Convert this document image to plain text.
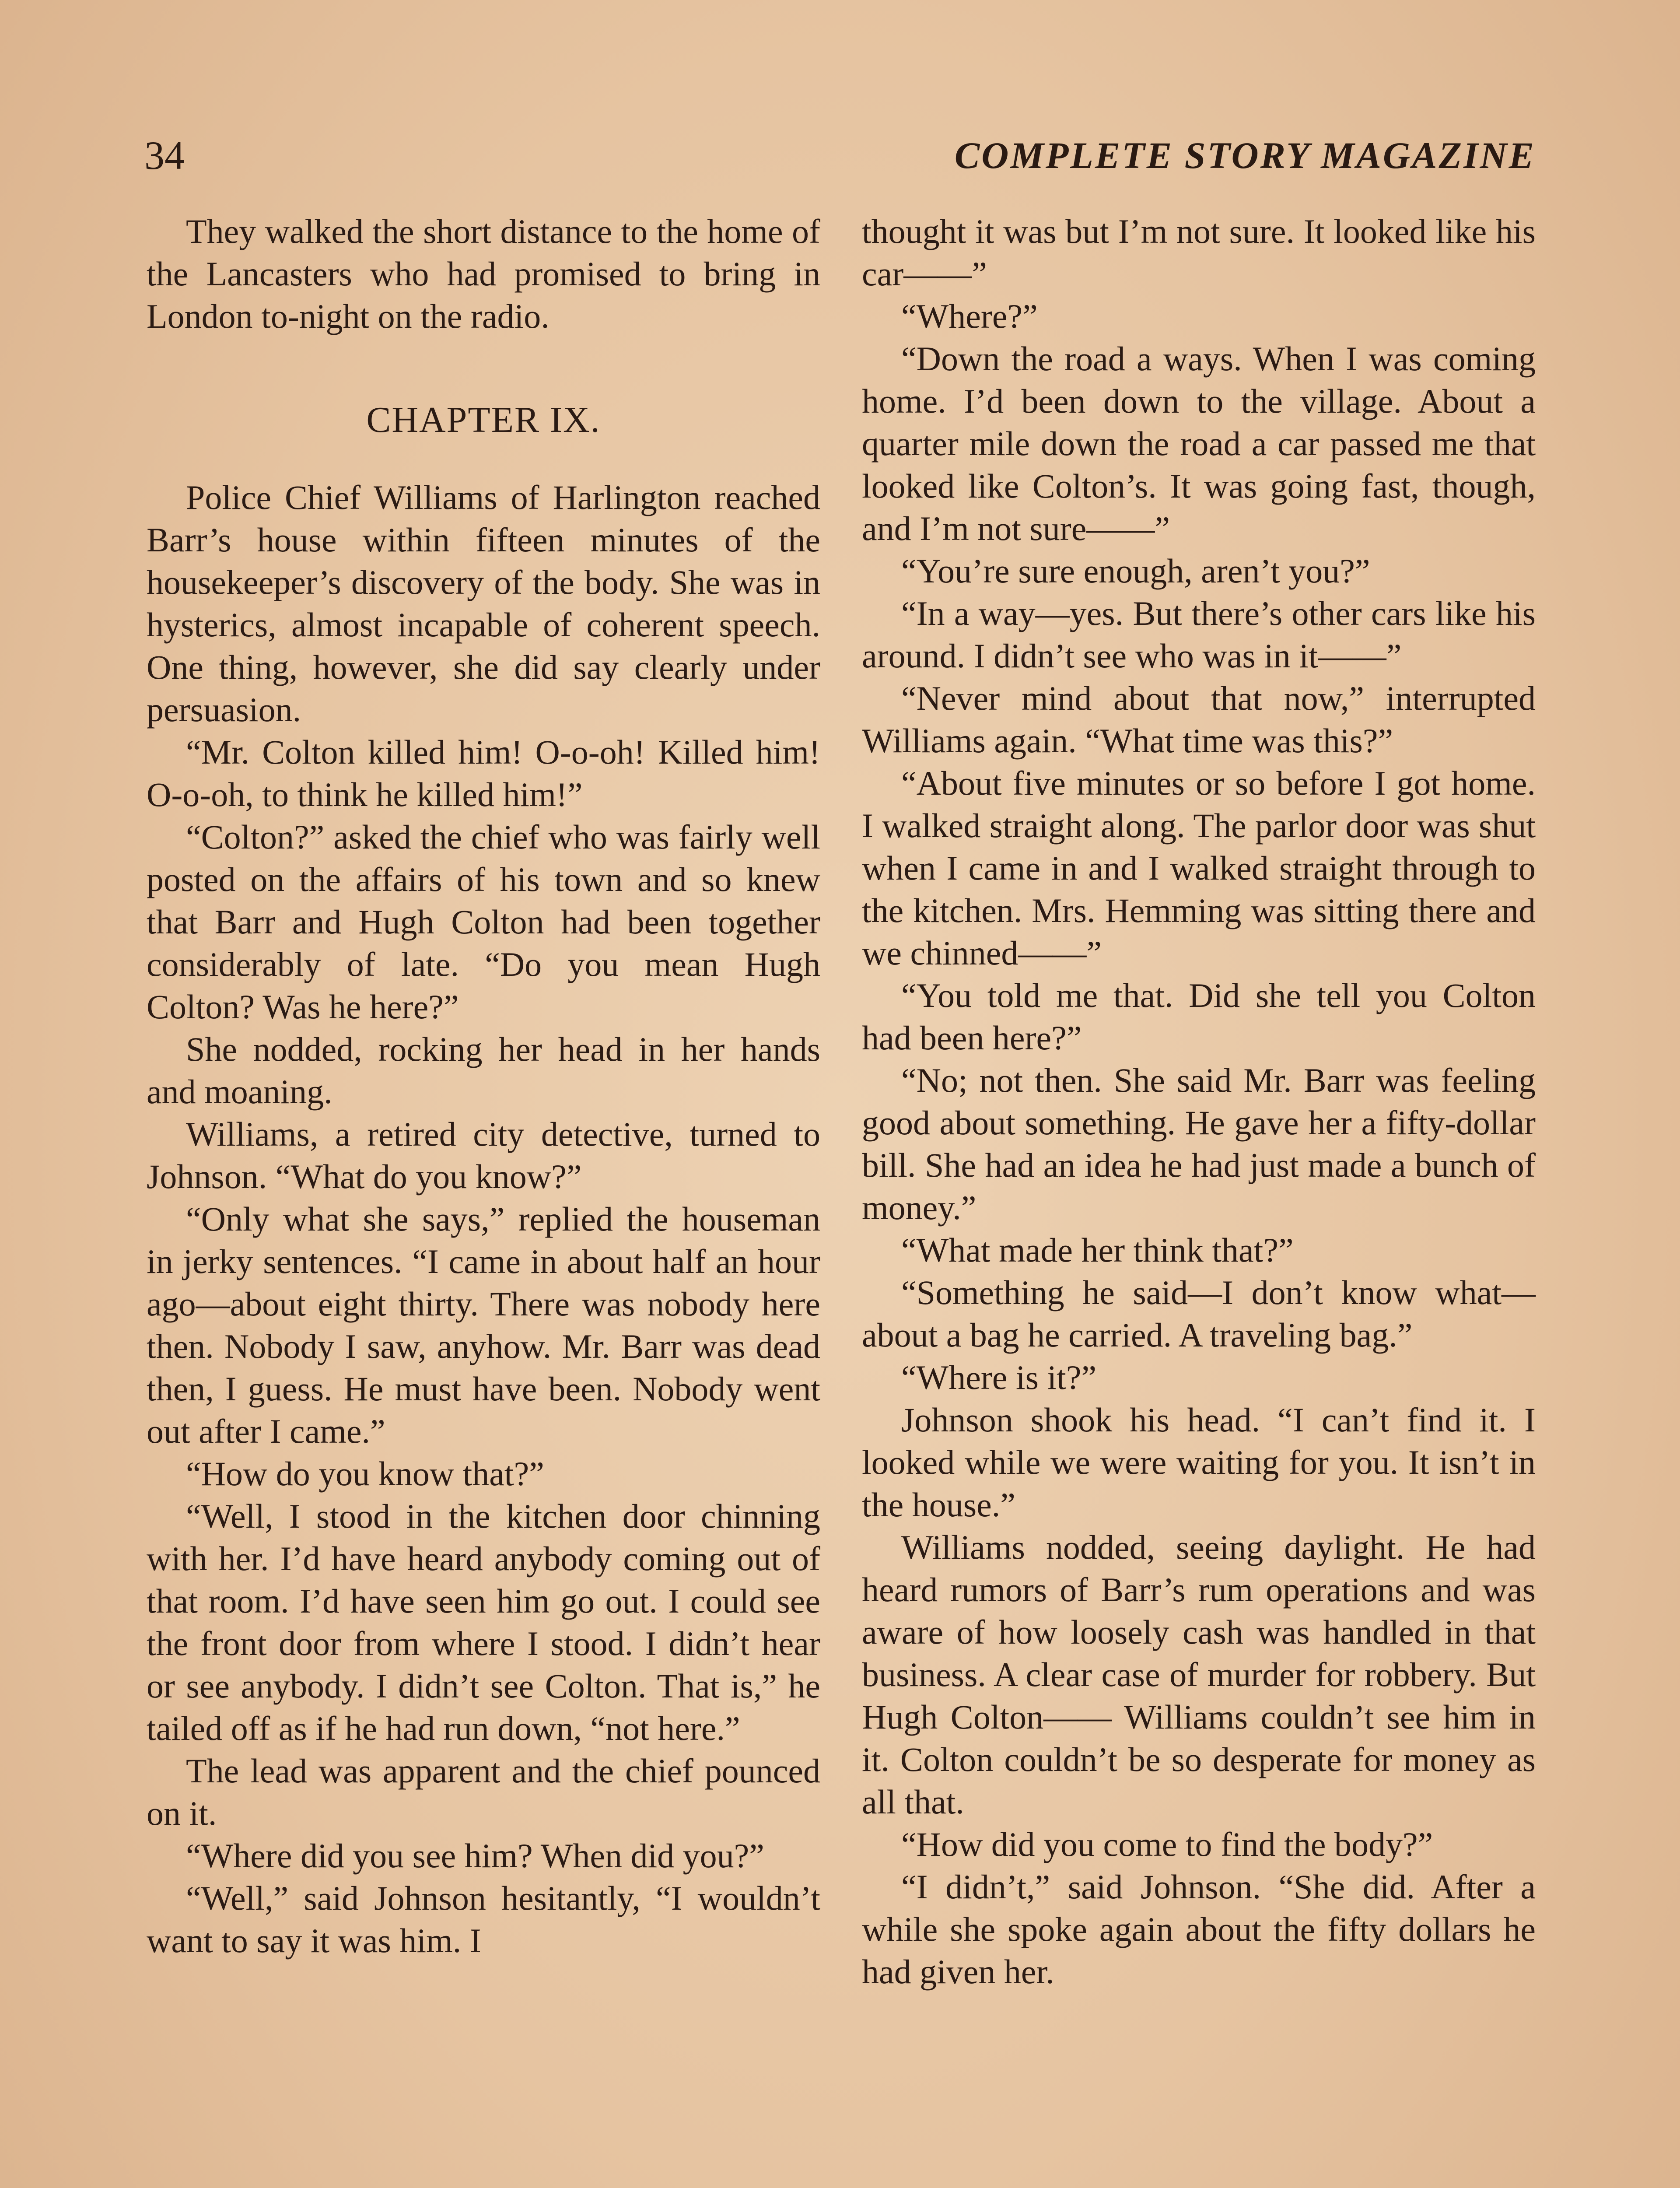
34	COMPLETE STORY MAGAZINE

They walked the short distance to the home of the Lancasters who had promised to bring in London to-night on the radio.

CHAPTER IX.

Police Chief Williams of Harlington reached Barr’s house within fifteen minutes of the housekeeper’s discovery of the body. She was in hysterics, almost incapable of coherent speech. One thing, however, she did say clearly under persuasion.

“Mr. Colton killed him! O-o-oh! Killed him! O-o-oh, to think he killed him!”

“Colton?” asked the chief who was fairly well posted on the affairs of his town and so knew that Barr and Hugh Colton had been together considerably of late. “Do you mean Hugh Colton? Was he here?”

She nodded, rocking her head in her hands and moaning.

Williams, a retired city detective, turned to Johnson. “What do you know?”

“Only what she says,” replied the houseman in jerky sentences. “I came in about half an hour ago—about eight thirty. There was nobody here then. Nobody I saw, anyhow. Mr. Barr was dead then, I guess. He must have been. Nobody went out after I came.”

“How do you know that?”

“Well, I stood in the kitchen door chinning with her. I’d have heard anybody coming out of that room. I’d have seen him go out. I could see the front door from where I stood. I didn’t hear or see anybody. I didn’t see Colton. That is,” he tailed off as if he had run down, “not here.”

The lead was apparent and the chief pounced on it.

“Where did you see him? When did you?”

“Well,” said Johnson hesitantly, “I wouldn’t want to say it was him. I

thought it was but I’m not sure. It looked like his car——”

“Where?”

“Down the road a ways. When I was coming home. I’d been down to the village. About a quarter mile down the road a car passed me that looked like Colton’s. It was going fast, though, and I’m not sure——”

“You’re sure enough, aren’t you?”

“In a way—yes. But there’s other cars like his around. I didn’t see who was in it——”

“Never mind about that now,” interrupted Williams again. “What time was this?”

“About five minutes or so before I got home. I walked straight along. The parlor door was shut when I came in and I walked straight through to the kitchen. Mrs. Hemming was sitting there and we chinned——”

“You told me that. Did she tell you Colton had been here?”

“No; not then. She said Mr. Barr was feeling good about something. He gave her a fifty-dollar bill. She had an idea he had just made a bunch of money.”

“What made her think that?”

“Something he said—I don’t know what—about a bag he carried. A traveling bag.”

“Where is it?”

Johnson shook his head. “I can’t find it. I looked while we were waiting for you. It isn’t in the house.”

Williams nodded, seeing daylight. He had heard rumors of Barr’s rum operations and was aware of how loosely cash was handled in that business. A clear case of murder for robbery. But Hugh Colton—— Williams couldn’t see him in it. Colton couldn’t be so desperate for money as all that.

“How did you come to find the body?”

“I didn’t,” said Johnson. “She did. After a while she spoke again about the fifty dollars he had given her.
